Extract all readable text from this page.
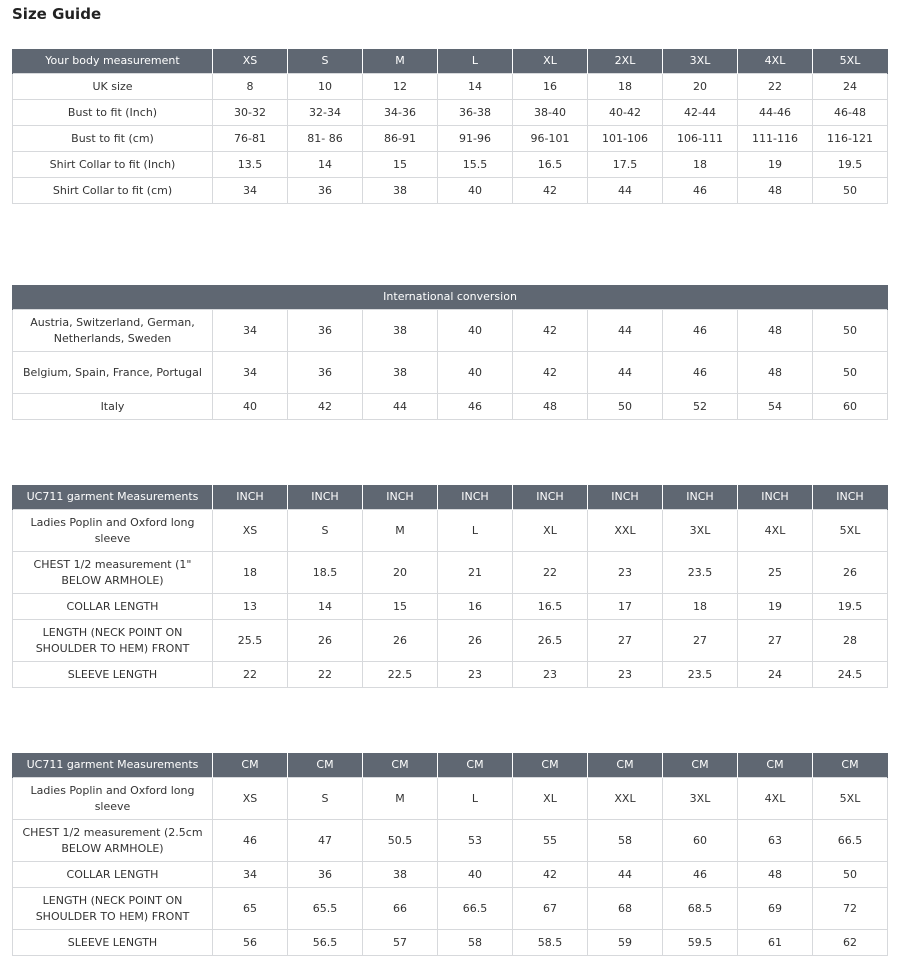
Size Guide
Your body measurement	XS	S	M	L	XL	2XL	3XL	4XL	5XL
UK size	8	10	12	14	16	18	20	22	24
Bust to fit (Inch)	30-32	32-34	34-36	36-38	38-40	40-42	42-44	44-46	46-48
Bust to fit (cm)	76-81	81- 86	86-91	91-96	96-101	101-106	106-111	111-116	116-121
Shirt Collar to fit (Inch)	13.5	14	15	15.5	16.5	17.5	18	19	19.5
Shirt Collar to fit (cm)	34	36	38	40	42	44	46	48	50
International conversion									
Austria, Switzerland, German, Netherlands, Sweden	34	36	38	40	42	44	46	48	50
Belgium, Spain, France, Portugal	34	36	38	40	42	44	46	48	50
Italy	40	42	44	46	48	50	52	54	60
UC711 garment Measurements	INCH	INCH	INCH	INCH	INCH	INCH	INCH	INCH	INCH
Ladies Poplin and Oxford long sleeve	XS	S	M	L	XL	XXL	3XL	4XL	5XL
CHEST 1/2 measurement (1" BELOW ARMHOLE)	18	18.5	20	21	22	23	23.5	25	26
COLLAR LENGTH	13	14	15	16	16.5	17	18	19	19.5
LENGTH (NECK POINT ON SHOULDER TO HEM) FRONT	25.5	26	26	26	26.5	27	27	27	28
SLEEVE LENGTH	22	22	22.5	23	23	23	23.5	24	24.5
UC711 garment Measurements	CM	CM	CM	CM	CM	CM	CM	CM	CM
Ladies Poplin and Oxford long sleeve	XS	S	M	L	XL	XXL	3XL	4XL	5XL
CHEST 1/2 measurement (2.5cm BELOW ARMHOLE)	46	47	50.5	53	55	58	60	63	66.5
COLLAR LENGTH	34	36	38	40	42	44	46	48	50
LENGTH (NECK POINT ON SHOULDER TO HEM) FRONT	65	65.5	66	66.5	67	68	68.5	69	72
SLEEVE LENGTH	56	56.5	57	58	58.5	59	59.5	61	62
